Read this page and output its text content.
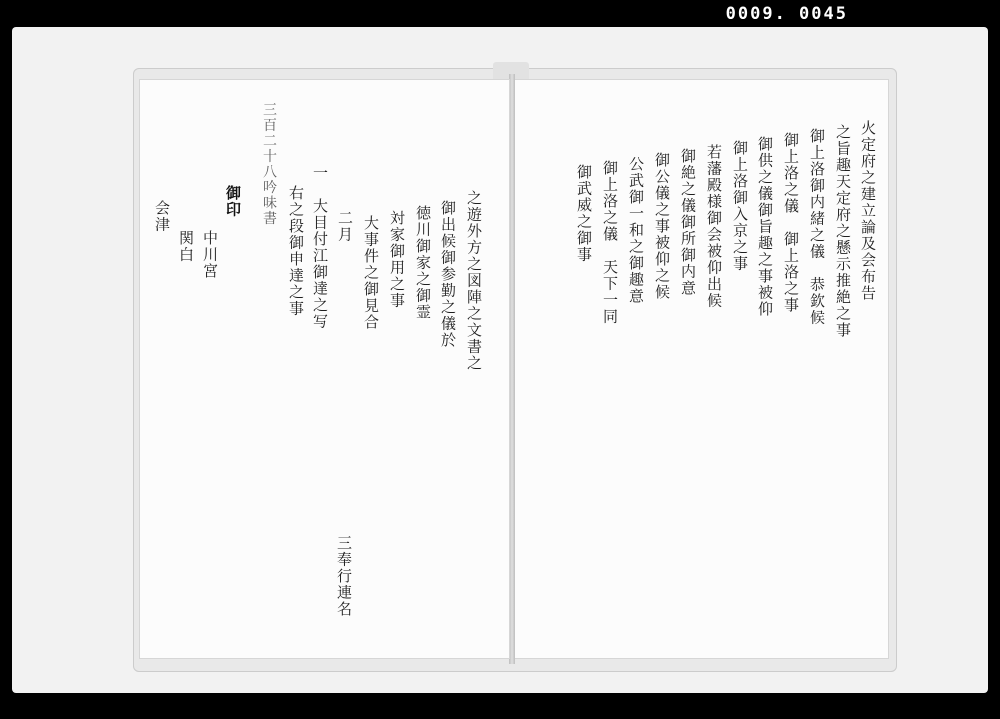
0009. 0045
火定府之建立論及会布告
之旨趣天定府之懸示推絶之事
御上洛御内緒之儀　恭欽候
御上洛之儀　御上洛之事
御供之儀御旨趣之事被仰
御上洛御入京之事
若藩殿様御会被仰出候
御絶之儀御所御内意
御公儀之事被仰之候
公武御一和之御趣意
御上洛之儀　天下一同
御武威之御事
三百二十八吟味書
之遊外方之図陣之文書之
御出候御参勤之儀於
徳川御家之御霊
対家御用之事
大事件之御見合
二月
一　大目付江御達之写
右之段御申達之事
御印
中川宮
関白
会津
三奉行連名
